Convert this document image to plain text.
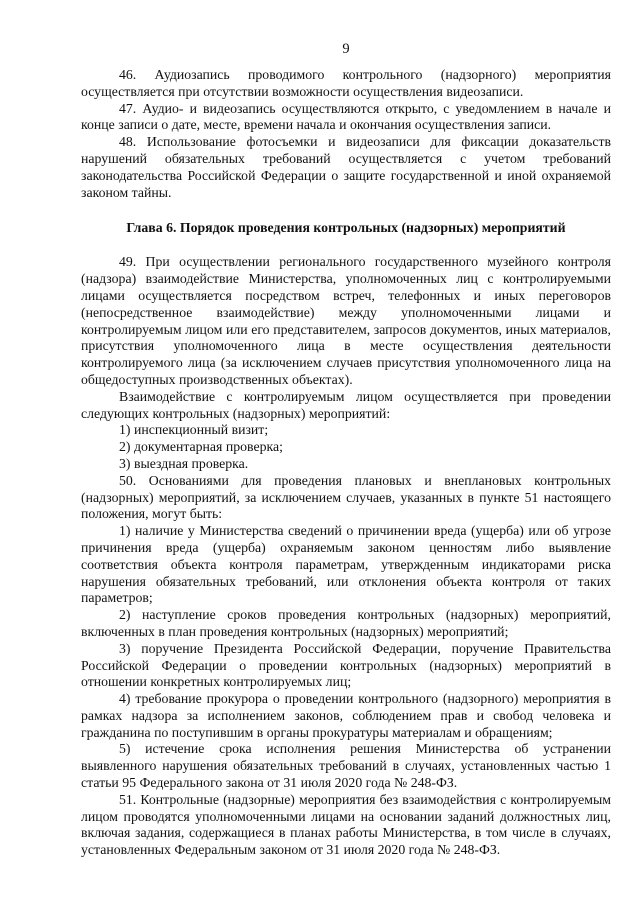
9

46. Аудиозапись проводимого контрольного (надзорного) мероприятия осуществляется при отсутствии возможности осуществления видеозаписи.

47. Аудио- и видеозапись осуществляются открыто, с уведомлением в начале и конце записи о дате, месте, времени начала и окончания осуществления записи.

48. Использование фотосъемки и видеозаписи для фиксации доказательств нарушений обязательных требований осуществляется с учетом требований законодательства Российской Федерации о защите государственной и иной охраняемой законом тайны.

Глава 6. Порядок проведения контрольных (надзорных) мероприятий

49. При осуществлении регионального государственного музейного контроля (надзора) взаимодействие Министерства, уполномоченных лиц с контролируемыми лицами осуществляется посредством встреч, телефонных и иных переговоров (непосредственное взаимодействие) между уполномоченными лицами и контролируемым лицом или его представителем, запросов документов, иных материалов, присутствия уполномоченного лица в месте осуществления деятельности контролируемого лица (за исключением случаев присутствия уполномоченного лица на общедоступных производственных объектах).

Взаимодействие с контролируемым лицом осуществляется при проведении следующих контрольных (надзорных) мероприятий:

1) инспекционный визит;

2) документарная проверка;

3) выездная проверка.

50. Основаниями для проведения плановых и внеплановых контрольных (надзорных) мероприятий, за исключением случаев, указанных в пункте 51 настоящего положения, могут быть:

1) наличие у Министерства сведений о причинении вреда (ущерба) или об угрозе причинения вреда (ущерба) охраняемым законом ценностям либо выявление соответствия объекта контроля параметрам, утвержденным индикаторами риска нарушения обязательных требований, или отклонения объекта контроля от таких параметров;

2) наступление сроков проведения контрольных (надзорных) мероприятий, включенных в план проведения контрольных (надзорных) мероприятий;

3) поручение Президента Российской Федерации, поручение Правительства Российской Федерации о проведении контрольных (надзорных) мероприятий в отношении конкретных контролируемых лиц;

4) требование прокурора о проведении контрольного (надзорного) мероприятия в рамках надзора за исполнением законов, соблюдением прав и свобод человека и гражданина по поступившим в органы прокуратуры материалам и обращениям;

5) истечение срока исполнения решения Министерства об устранении выявленного нарушения обязательных требований в случаях, установленных частью 1 статьи 95 Федерального закона от 31 июля 2020 года № 248-ФЗ.

51. Контрольные (надзорные) мероприятия без взаимодействия с контролируемым лицом проводятся уполномоченными лицами на основании заданий должностных лиц, включая задания, содержащиеся в планах работы Министерства, в том числе в случаях, установленных Федеральным законом от 31 июля 2020 года № 248-ФЗ.
